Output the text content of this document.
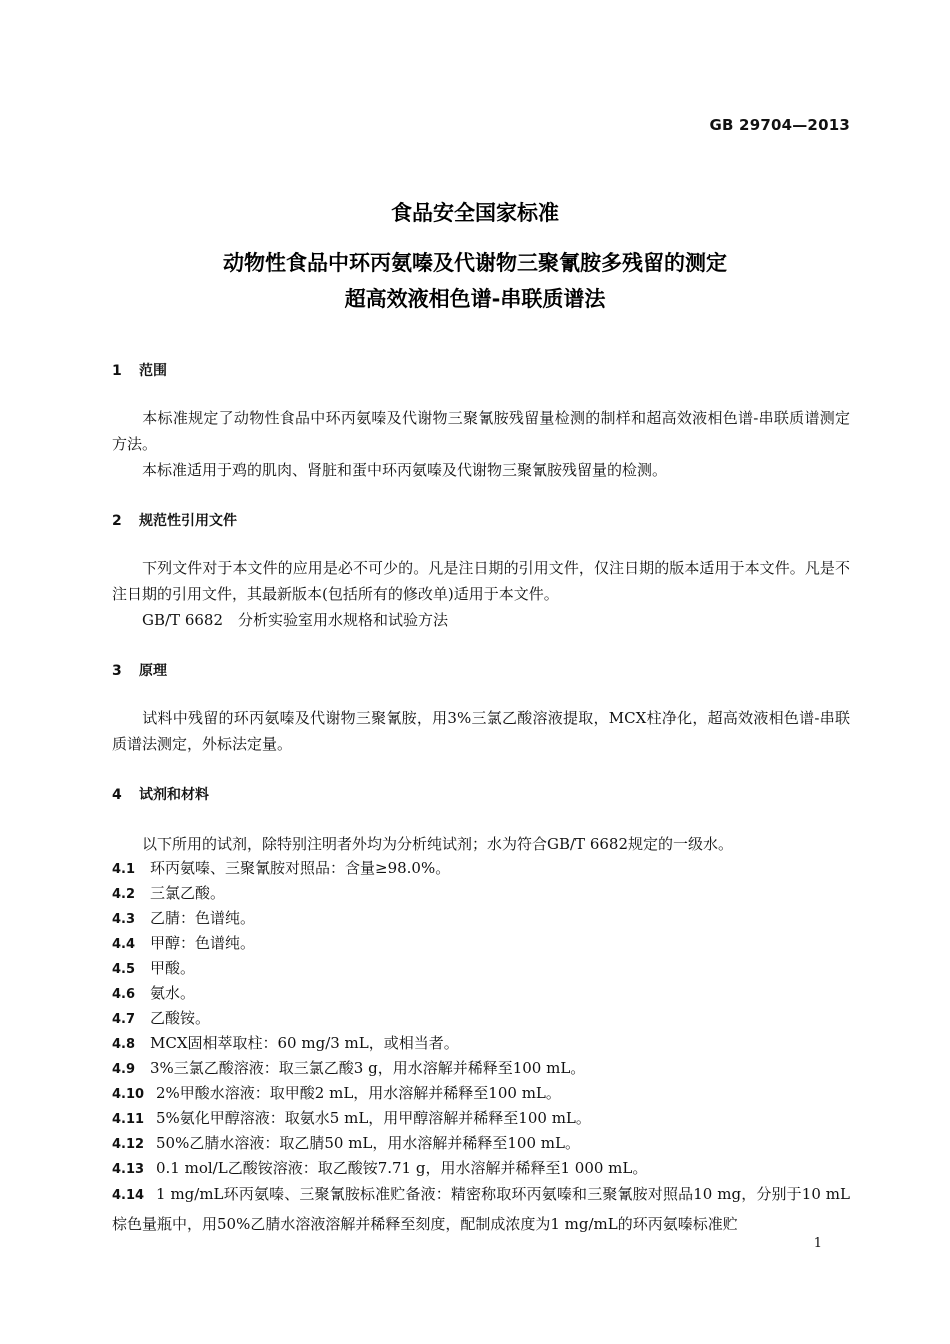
GB 29704—2013
食品安全国家标准
动物性食品中环丙氨嗪及代谢物三聚氰胺多残留的测定
超高效液相色谱-串联质谱法
1 范围
本标准规定了动物性食品中环丙氨嗪及代谢物三聚氰胺残留量检测的制样和超高效液相色谱-串联质谱测定方法。
本标准适用于鸡的肌肉、肾脏和蛋中环丙氨嗪及代谢物三聚氰胺残留量的检测。
2 规范性引用文件
下列文件对于本文件的应用是必不可少的。凡是注日期的引用文件，仅注日期的版本适用于本文件。凡是不注日期的引用文件，其最新版本(包括所有的修改单)适用于本文件。
GB/T 6682　分析实验室用水规格和试验方法
3 原理
试料中残留的环丙氨嗪及代谢物三聚氰胺，用3%三氯乙酸溶液提取，MCX柱净化，超高效液相色谱-串联质谱法测定，外标法定量。
4 试剂和材料
以下所用的试剂，除特别注明者外均为分析纯试剂；水为符合GB/T 6682规定的一级水。
4.1 环丙氨嗪、三聚氰胺对照品：含量≥98.0%。
4.2 三氯乙酸。
4.3 乙腈：色谱纯。
4.4 甲醇：色谱纯。
4.5 甲酸。
4.6 氨水。
4.7 乙酸铵。
4.8 MCX固相萃取柱：60 mg/3 mL，或相当者。
4.9 3%三氯乙酸溶液：取三氯乙酸3 g，用水溶解并稀释至100 mL。
4.10 2%甲酸水溶液：取甲酸2 mL，用水溶解并稀释至100 mL。
4.11 5%氨化甲醇溶液：取氨水5 mL，用甲醇溶解并稀释至100 mL。
4.12 50%乙腈水溶液：取乙腈50 mL，用水溶解并稀释至100 mL。
4.13 0.1 mol/L乙酸铵溶液：取乙酸铵7.71 g，用水溶解并稀释至1 000 mL。
4.14 1 mg/mL环丙氨嗪、三聚氰胺标准贮备液：精密称取环丙氨嗪和三聚氰胺对照品10 mg，分别于10 mL棕色量瓶中，用50%乙腈水溶液溶解并稀释至刻度，配制成浓度为1 mg/mL的环丙氨嗪标准贮
1
